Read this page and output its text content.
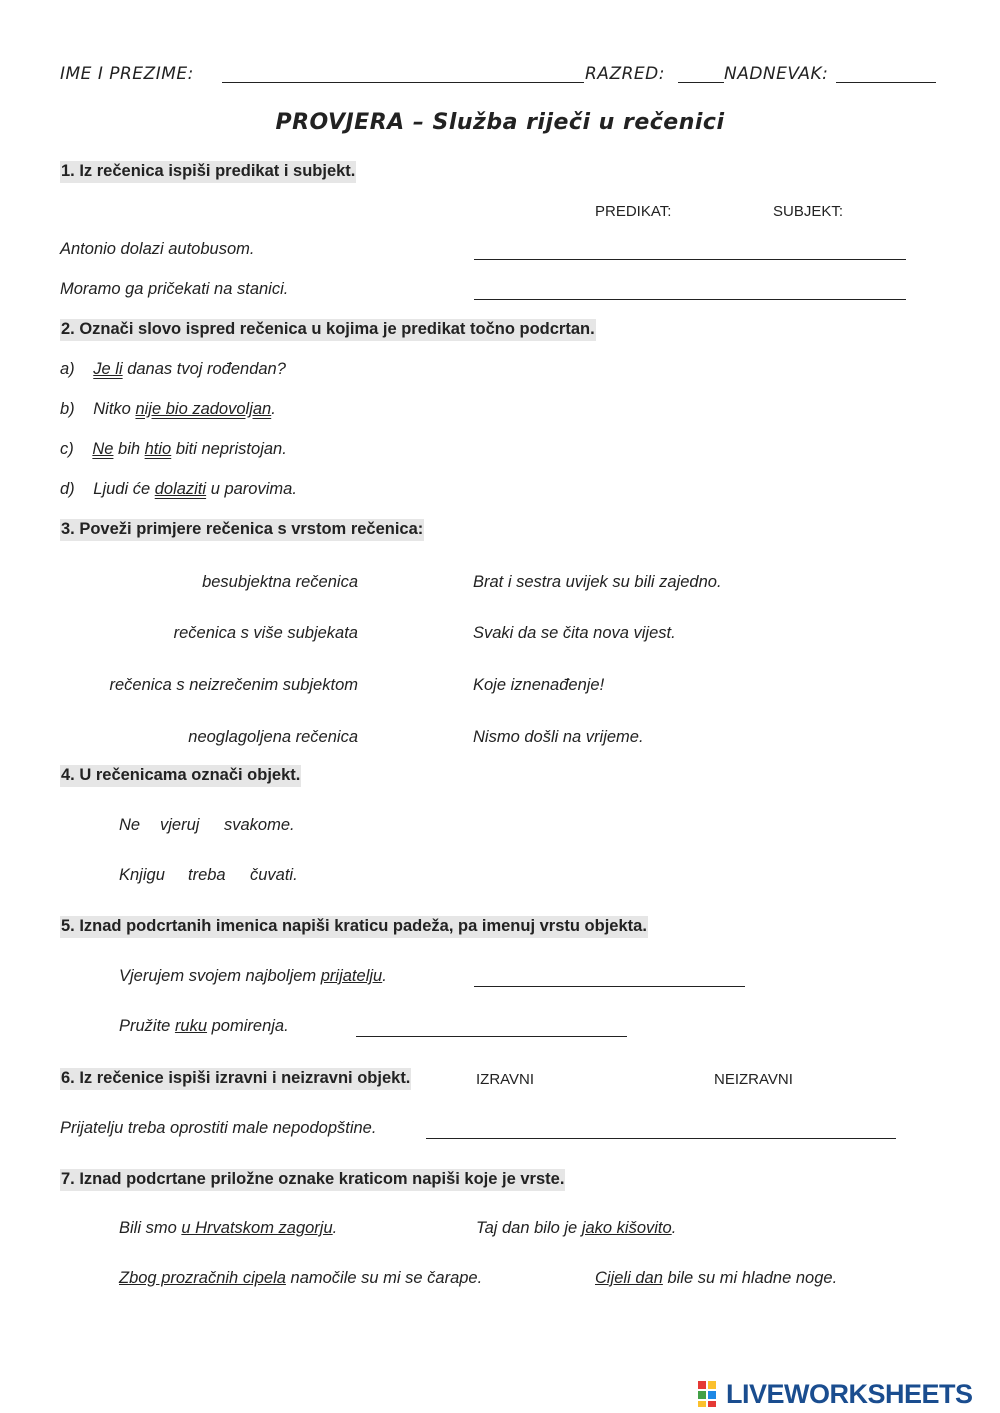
IME I PREZIME:	RAZRED:	NADNEVAK:
PROVJERA – Služba riječi u rečenici
1. Iz rečenica ispiši predikat i subjekt.
PREDIKAT:	SUBJEKT:
Antonio dolazi autobusom.
Moramo ga pričekati na stanici.
2. Označi slovo ispred rečenica u kojima je predikat točno podcrtan.
a) Je li danas tvoj rođendan?
b) Nitko nije bio zadovoljan.
c) Ne bih htio biti nepristojan.
d) Ljudi će dolaziti u parovima.
3. Poveži primjere rečenica s vrstom rečenica:
besubjektna rečenica
rečenica s više subjekata
rečenica s neizrečenim subjektom
neoglagoljena rečenica
Brat i sestra uvijek su bili zajedno.
Svaki da se čita nova vijest.
Koje iznenađenje!
Nismo došli na vrijeme.
4. U rečenicama označi objekt.
Ne vjeruj svakome.
Knjigu treba čuvati.
5. Iznad podcrtanih imenica napiši kraticu padeža, pa imenuj vrstu objekta.
Vjerujem svojem najboljem prijatelju.
Pružite ruku pomirenja.
6. Iz rečenice ispiši izravni i neizravni objekt.	IZRAVNI	NEIZRAVNI
Prijatelju treba oprostiti male nepodopštine.
7. Iznad podcrtane priložne oznake kraticom napiši koje je vrste.
Bili smo u Hrvatskom zagorju.	Taj dan bilo je jako kišovito.
Zbog prozračnih cipela namočile su mi se čarape.	Cijeli dan bile su mi hladne noge.
LIVEWORKSHEETS
